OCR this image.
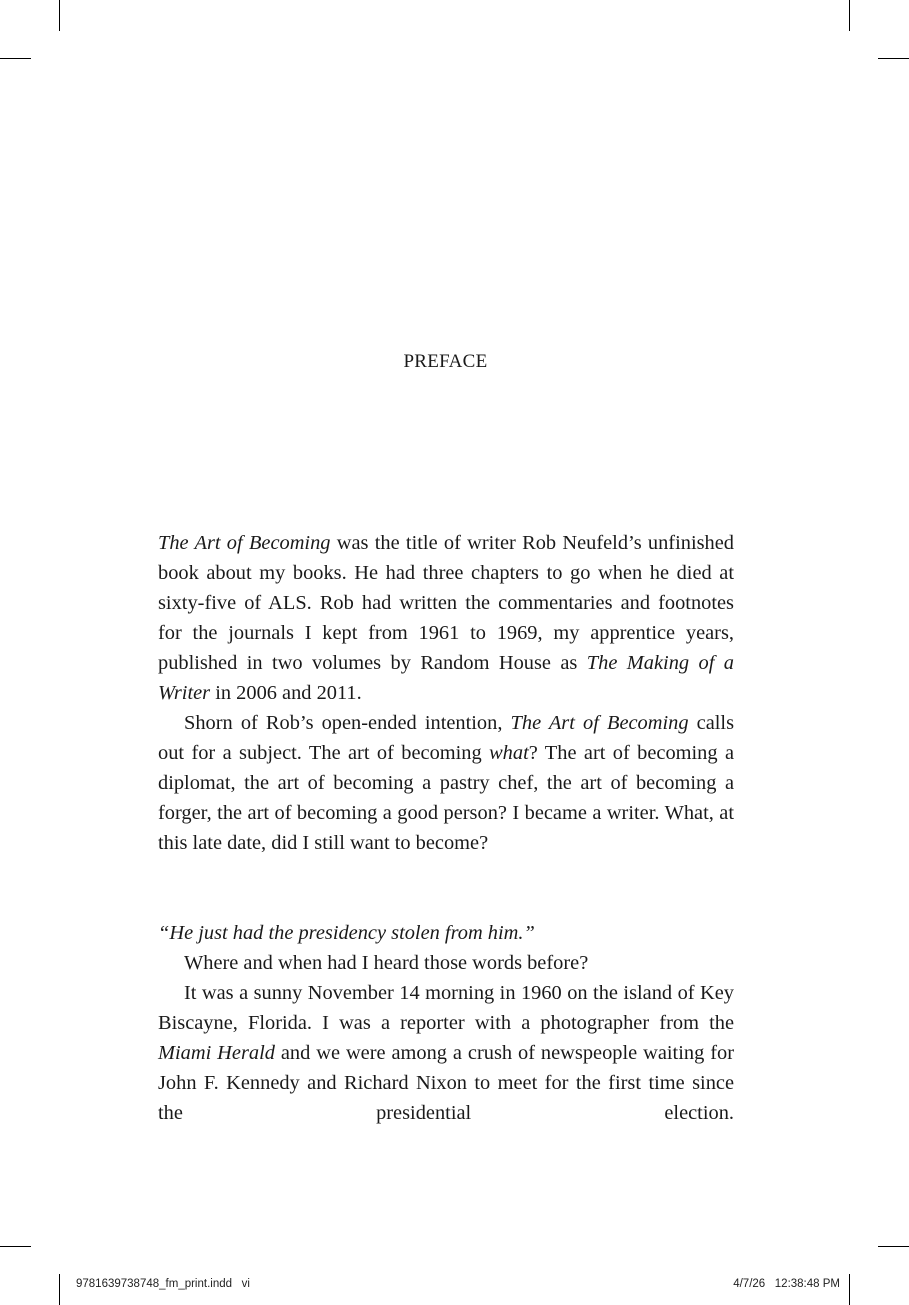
PREFACE

The Art of Becoming was the title of writer Rob Neufeld’s unfinished book about my books. He had three chapters to go when he died at sixty-five of ALS. Rob had written the commentaries and footnotes for the journals I kept from 1961 to 1969, my apprentice years, published in two volumes by Random House as The Making of a Writer in 2006 and 2011.

Shorn of Rob’s open-ended intention, The Art of Becoming calls out for a subject. The art of becoming what? The art of becoming a diplomat, the art of becoming a pastry chef, the art of becoming a forger, the art of becoming a good person? I became a writer. What, at this late date, did I still want to become?

“He just had the presidency stolen from him.”

Where and when had I heard those words before?

It was a sunny November 14 morning in 1960 on the island of Key Biscayne, Florida. I was a reporter with a photographer from the Miami Herald and we were among a crush of newspeople waiting for John F. Kennedy and Richard Nixon to meet for the first time since the presidential election.

9781639738748_fm_print.indd   vi	4/7/26   12:38:48 PM
